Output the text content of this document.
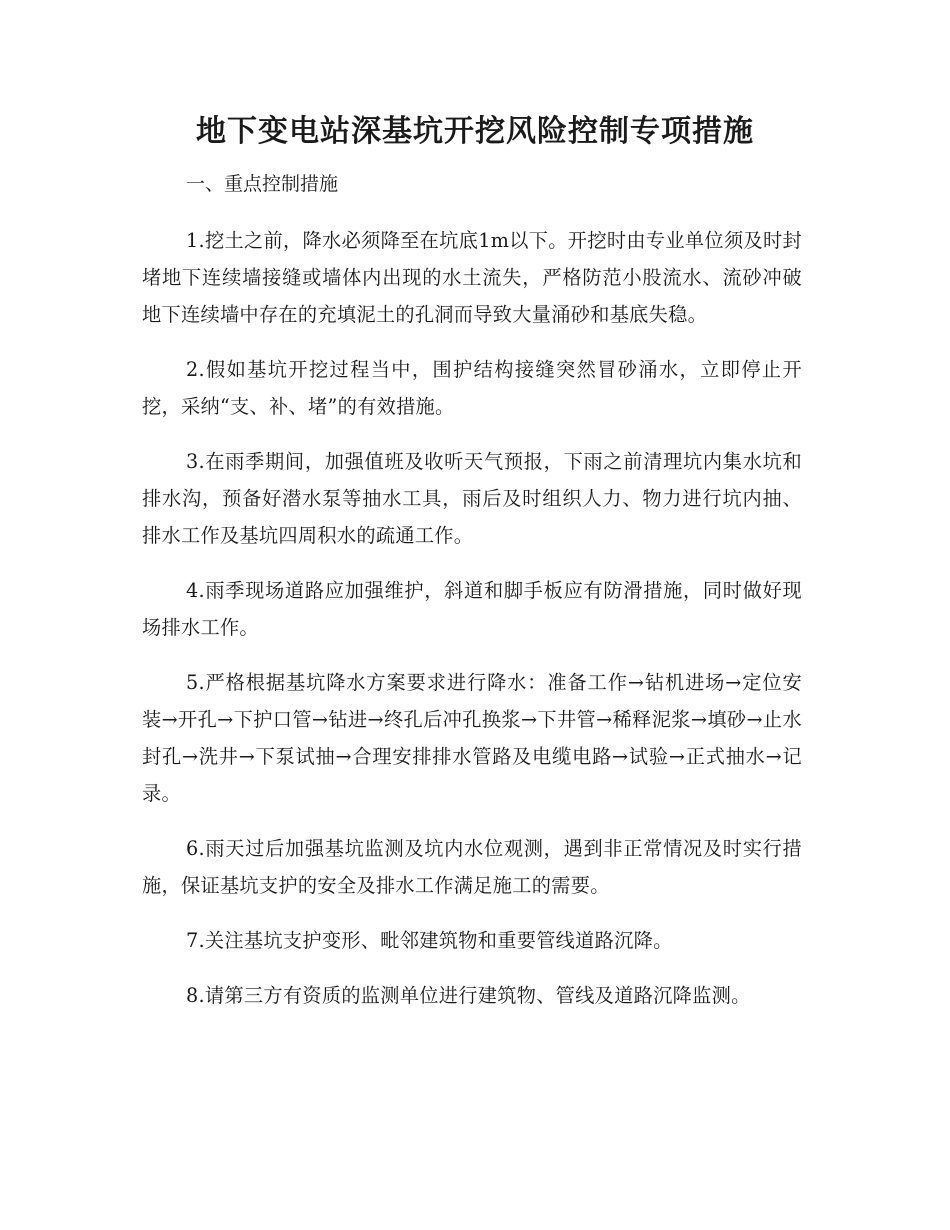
地下变电站深基坑开挖风险控制专项措施
一、重点控制措施

1.挖土之前，降水必须降至在坑底1m以下。开挖时由专业单位须及时封堵地下连续墙接缝或墙体内出现的水土流失，严格防范小股流水、流砂冲破地下连续墙中存在的充填泥土的孔洞而导致大量涌砂和基底失稳。

2.假如基坑开挖过程当中，围护结构接缝突然冒砂涌水，立即停止开挖，采纳“支、补、堵”的有效措施。

3.在雨季期间，加强值班及收听天气预报，下雨之前清理坑内集水坑和排水沟，预备好潜水泵等抽水工具，雨后及时组织人力、物力进行坑内抽、排水工作及基坑四周积水的疏通工作。

4.雨季现场道路应加强维护，斜道和脚手板应有防滑措施，同时做好现场排水工作。

5.严格根据基坑降水方案要求进行降水：准备工作→钻机进场→定位安装→开孔→下护口管→钻进→终孔后冲孔换浆→下井管→稀释泥浆→填砂→止水封孔→洗井→下泵试抽→合理安排排水管路及电缆电路→试验→正式抽水→记录。

6.雨天过后加强基坑监测及坑内水位观测，遇到非正常情况及时实行措施，保证基坑支护的安全及排水工作满足施工的需要。

7.关注基坑支护变形、毗邻建筑物和重要管线道路沉降。

8.请第三方有资质的监测单位进行建筑物、管线及道路沉降监测。
